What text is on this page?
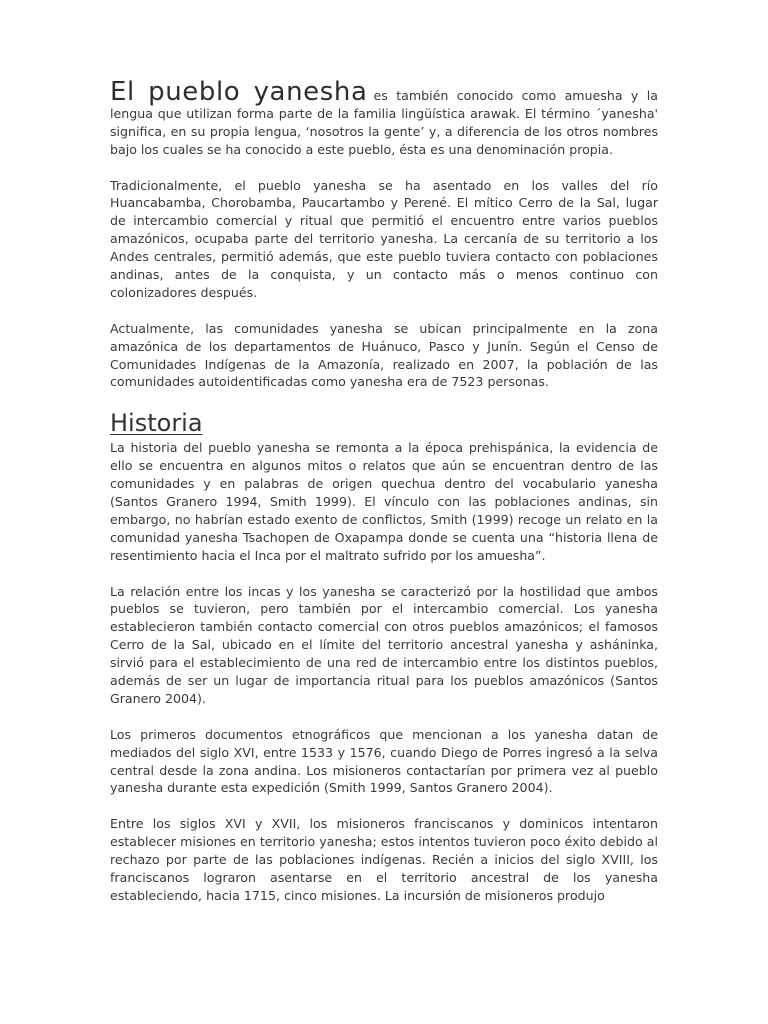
El pueblo yanesha es también conocido como amuesha y la lengua que utilizan forma parte de la familia lingüística arawak. El término ´yanesha' significa, en su propia lengua, ‘nosotros la gente’ y, a diferencia de los otros nombres bajo los cuales se ha conocido a este pueblo, ésta es una denominación propia.

Tradicionalmente, el pueblo yanesha se ha asentado en los valles del río Huancabamba, Chorobamba, Paucartambo y Perené. El mítico Cerro de la Sal, lugar de intercambio comercial y ritual que permitió el encuentro entre varios pueblos amazónicos, ocupaba parte del territorio yanesha. La cercanía de su territorio a los Andes centrales, permitió además, que este pueblo tuviera contacto con poblaciones andinas, antes de la conquista, y un contacto más o menos continuo con colonizadores después.

Actualmente, las comunidades yanesha se ubican principalmente en la zona amazónica de los departamentos de Huánuco, Pasco y Junín. Según el Censo de Comunidades Indígenas de la Amazonía, realizado en 2007, la población de las comunidades autoidentificadas como yanesha era de 7523 personas.

Historia

La historia del pueblo yanesha se remonta a la época prehispánica, la evidencia de ello se encuentra en algunos mitos o relatos que aún se encuentran dentro de las comunidades y en palabras de origen quechua dentro del vocabulario yanesha (Santos Granero 1994, Smith 1999). El vínculo con las poblaciones andinas, sin embargo, no habrían estado exento de conflictos, Smith (1999) recoge un relato en la comunidad yanesha Tsachopen de Oxapampa donde se cuenta una “historia llena de resentimiento hacia el Inca por el maltrato sufrido por los amuesha”.

La relación entre los incas y los yanesha se caracterizó por la hostilidad que ambos pueblos se tuvieron, pero también por el intercambio comercial. Los yanesha establecieron también contacto comercial con otros pueblos amazónicos; el famosos Cerro de la Sal, ubicado en el límite del territorio ancestral yanesha y asháninka, sirvió para el establecimiento de una red de intercambio entre los distintos pueblos, además de ser un lugar de importancia ritual para los pueblos amazónicos (Santos Granero 2004).

Los primeros documentos etnográficos que mencionan a los yanesha datan de mediados del siglo XVI, entre 1533 y 1576, cuando Diego de Porres ingresó a la selva central desde la zona andina. Los misioneros contactarían por primera vez al pueblo yanesha durante esta expedición (Smith 1999, Santos Granero 2004).

Entre los siglos XVI y XVII, los misioneros franciscanos y dominicos intentaron establecer misiones en territorio yanesha; estos intentos tuvieron poco éxito debido al rechazo por parte de las poblaciones indígenas. Recién a inicios del siglo XVIII, los franciscanos lograron asentarse en el territorio ancestral de los yanesha estableciendo, hacia 1715, cinco misiones. La incursión de misioneros produjo
